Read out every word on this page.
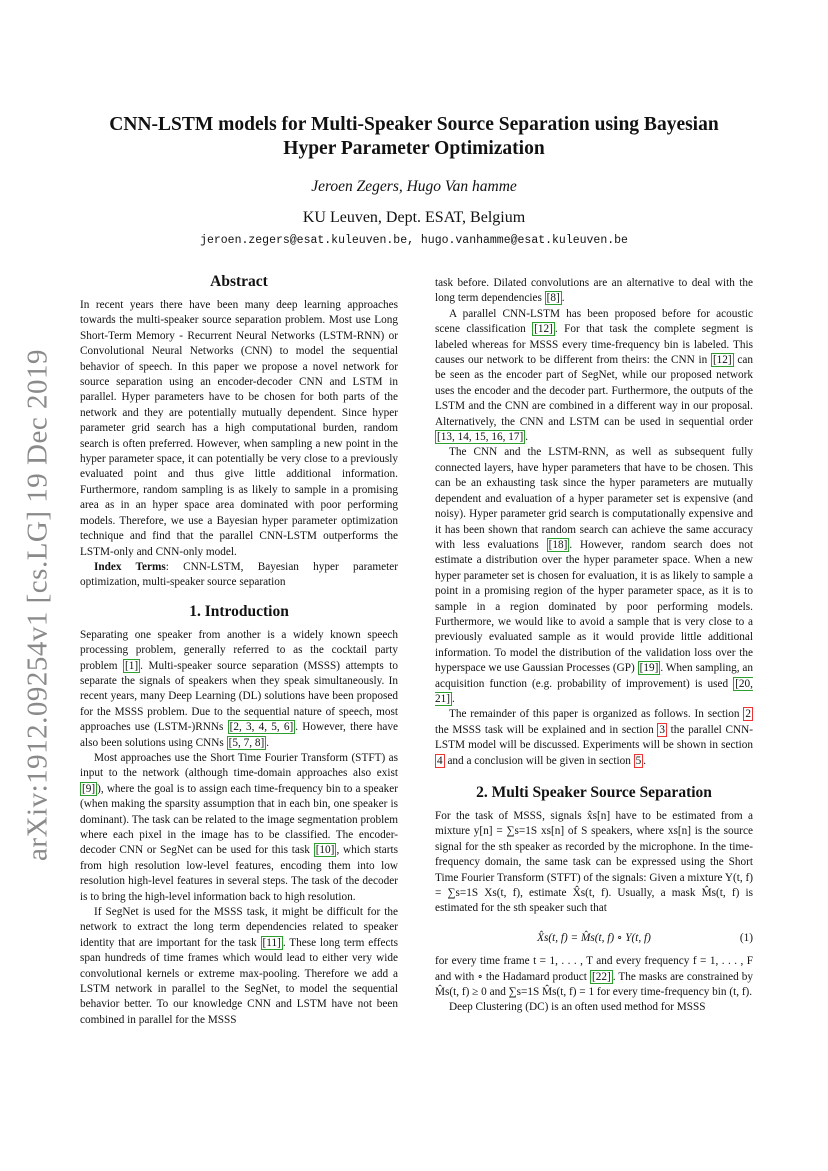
arXiv:1912.09254v1 [cs.LG] 19 Dec 2019
CNN-LSTM models for Multi-Speaker Source Separation using Bayesian
Hyper Parameter Optimization
Jeroen Zegers, Hugo Van hamme
KU Leuven, Dept. ESAT, Belgium
jeroen.zegers@esat.kuleuven.be, hugo.vanhamme@esat.kuleuven.be
Abstract

In recent years there have been many deep learning approaches towards the multi-speaker source separation problem. Most use Long Short-Term Memory - Recurrent Neural Networks (LSTM-RNN) or Convolutional Neural Networks (CNN) to model the sequential behavior of speech. In this paper we propose a novel network for source separation using an encoder-decoder CNN and LSTM in parallel. Hyper parameters have to be chosen for both parts of the network and they are potentially mutually dependent. Since hyper parameter grid search has a high computational burden, random search is often preferred. However, when sampling a new point in the hyper parameter space, it can potentially be very close to a previously evaluated point and thus give little additional information. Furthermore, random sampling is as likely to sample in a promising area as in an hyper space area dominated with poor performing models. Therefore, we use a Bayesian hyper parameter optimization technique and find that the parallel CNN-LSTM outperforms the LSTM-only and CNN-only model.

Index Terms: CNN-LSTM, Bayesian hyper parameter optimization, multi-speaker source separation

1. Introduction

Separating one speaker from another is a widely known speech processing problem, generally referred to as the cocktail party problem [1] . Multi-speaker source separation (MSSS) attempts to separate the signals of speakers when they speak simultaneously. In recent years, many Deep Learning (DL) solutions have been proposed for the MSSS problem. Due to the sequential nature of speech, most approaches use (LSTM-)RNNs [2, 3, 4, 5, 6] . However, there have also been solutions using CNNs [5, 7, 8] .

Most approaches use the Short Time Fourier Transform (STFT) as input to the network (although time-domain approaches also exist [9] ), where the goal is to assign each time-frequency bin to a speaker (when making the sparsity assumption that in each bin, one speaker is dominant). The task can be related to the image segmentation problem where each pixel in the image has to be classified. The encoder-decoder CNN or SegNet can be used for this task [10] , which starts from high resolution low-level features, encoding them into low resolution high-level features in several steps. The task of the decoder is to bring the high-level information back to high resolution.

If SegNet is used for the MSSS task, it might be difficult for the network to extract the long term dependencies related to speaker identity that are important for the task [11] . These long term effects span hundreds of time frames which would lead to either very wide convolutional kernels or extreme max-pooling. Therefore we add a LSTM network in parallel to the SegNet, to model the sequential behavior better. To our knowledge CNN and LSTM have not been combined in parallel for the MSSS

task before. Dilated convolutions are an alternative to deal with the long term dependencies [8] .

A parallel CNN-LSTM has been proposed before for acoustic scene classification [12] . For that task the complete segment is labeled whereas for MSSS every time-frequency bin is labeled. This causes our network to be different from theirs: the CNN in [12] can be seen as the encoder part of SegNet, while our proposed network uses the encoder and the decoder part. Furthermore, the outputs of the LSTM and the CNN are combined in a different way in our proposal. Alternatively, the CNN and LSTM can be used in sequential order [13, 14, 15, 16, 17] .

The CNN and the LSTM-RNN, as well as subsequent fully connected layers, have hyper parameters that have to be chosen. This can be an exhausting task since the hyper parameters are mutually dependent and evaluation of a hyper parameter set is expensive (and noisy). Hyper parameter grid search is computationally expensive and it has been shown that random search can achieve the same accuracy with less evaluations [18] . However, random search does not estimate a distribution over the hyper parameter space. When a new hyper parameter set is chosen for evaluation, it is as likely to sample a point in a promising region of the hyper parameter space, as it is to sample in a region dominated by poor performing models. Furthermore, we would like to avoid a sample that is very close to a previously evaluated sample as it would provide little additional information. To model the distribution of the validation loss over the hyperspace we use Gaussian Processes (GP) [19] . When sampling, an acquisition function (e.g. probability of improvement) is used [20, 21] .

The remainder of this paper is organized as follows. In section 2 the MSSS task will be explained and in section 3 the parallel CNN-LSTM model will be discussed. Experiments will be shown in section 4 and a conclusion will be given in section 5 .

2. Multi Speaker Source Separation

For the task of MSSS, signals x̂s[n] have to be estimated from a mixture y[n] = ∑s=1S xs[n] of S speakers, where xs[n] is the source signal for the sth speaker as recorded by the microphone. In the time-frequency domain, the same task can be expressed using the Short Time Fourier Transform (STFT) of the signals: Given a mixture Y(t, f) = ∑s=1S Xs(t, f), estimate X̂s(t, f). Usually, a mask M̂s(t, f) is estimated for the sth speaker such that

X̂s(t, f) = M̂s(t, f) ∘ Y(t, f)	(1)

for every time frame t = 1, . . . , T and every frequency f = 1, . . . , F and with ∘ the Hadamard product [22] . The masks are constrained by M̂s(t, f) ≥ 0 and ∑s=1S M̂s(t, f) = 1 for every time-frequency bin (t, f).

Deep Clustering (DC) is an often used method for MSSS
